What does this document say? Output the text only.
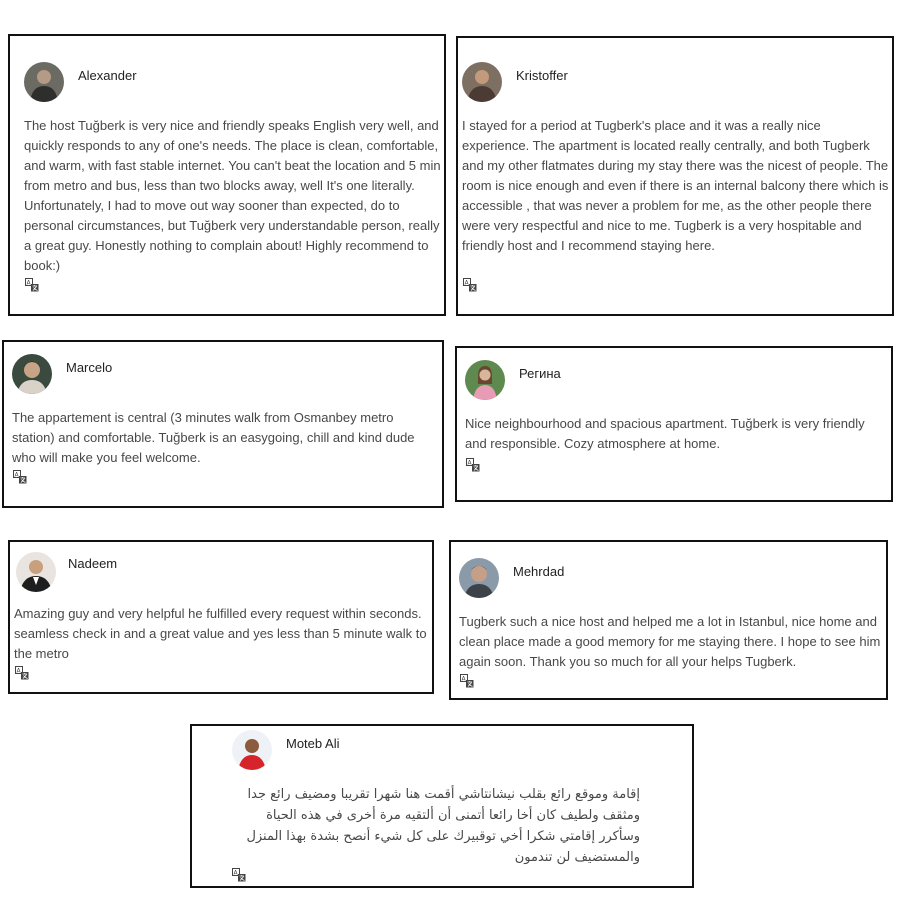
Alexander
The host Tuğberk is very nice and friendly speaks English very well, and quickly responds to any of one's needs. The place is clean, comfortable, and warm, with fast stable internet. You can't beat the location and 5 min from metro and bus, less than two blocks away, well It's one literally. Unfortunately, I had to move out way sooner than expected, do to personal circumstances, but Tuğberk very understandable person, really a great guy. Honestly nothing to complain about! Highly recommend to book:)
A
Kristoffer
I stayed for a period at Tugberk's place and it was a really nice experience. The apartment is located really centrally, and both Tugberk and my other flatmates during my stay there was the nicest of people. The room is nice enough and even if there is an internal balcony there which is accessible , that was never a problem for me, as the other people there were very respectful and nice to me. Tugberk is a very hospitable and friendly host and I recommend staying here.
A
Marcelo
The appartement is central (3 minutes walk from Osmanbey metro station) and comfortable. Tuğberk is an easygoing, chill and kind dude who will make you feel welcome.
A
Регина
Nice neighbourhood and spacious apartment. Tuğberk is very friendly and responsible. Cozy atmosphere at home.
A
Nadeem
Amazing guy and very helpful he fulfilled every request within seconds. seamless check in and a great value and yes less than 5 minute walk to the metro
A
Mehrdad
Tugberk such a nice host and helped me a lot in Istanbul, nice home and clean place made a good memory for me staying there. I hope to see him again soon. Thank you so much for all your helps Tugberk.
A
Moteb Ali
إقامة وموقع رائع بقلب نيشانتاشي أقمت هنا شهرا تقريبا ومضيف رائع جدا ومثقف ولطيف كان أخا رائعا أتمنى أن ألتقيه مرة أخرى في هذه الحياة وسأكرر إقامتي شكرا أخي توقبيرك على كل شيء أنصح بشدة بهذا المنزل والمستضيف لن تندمون
A
